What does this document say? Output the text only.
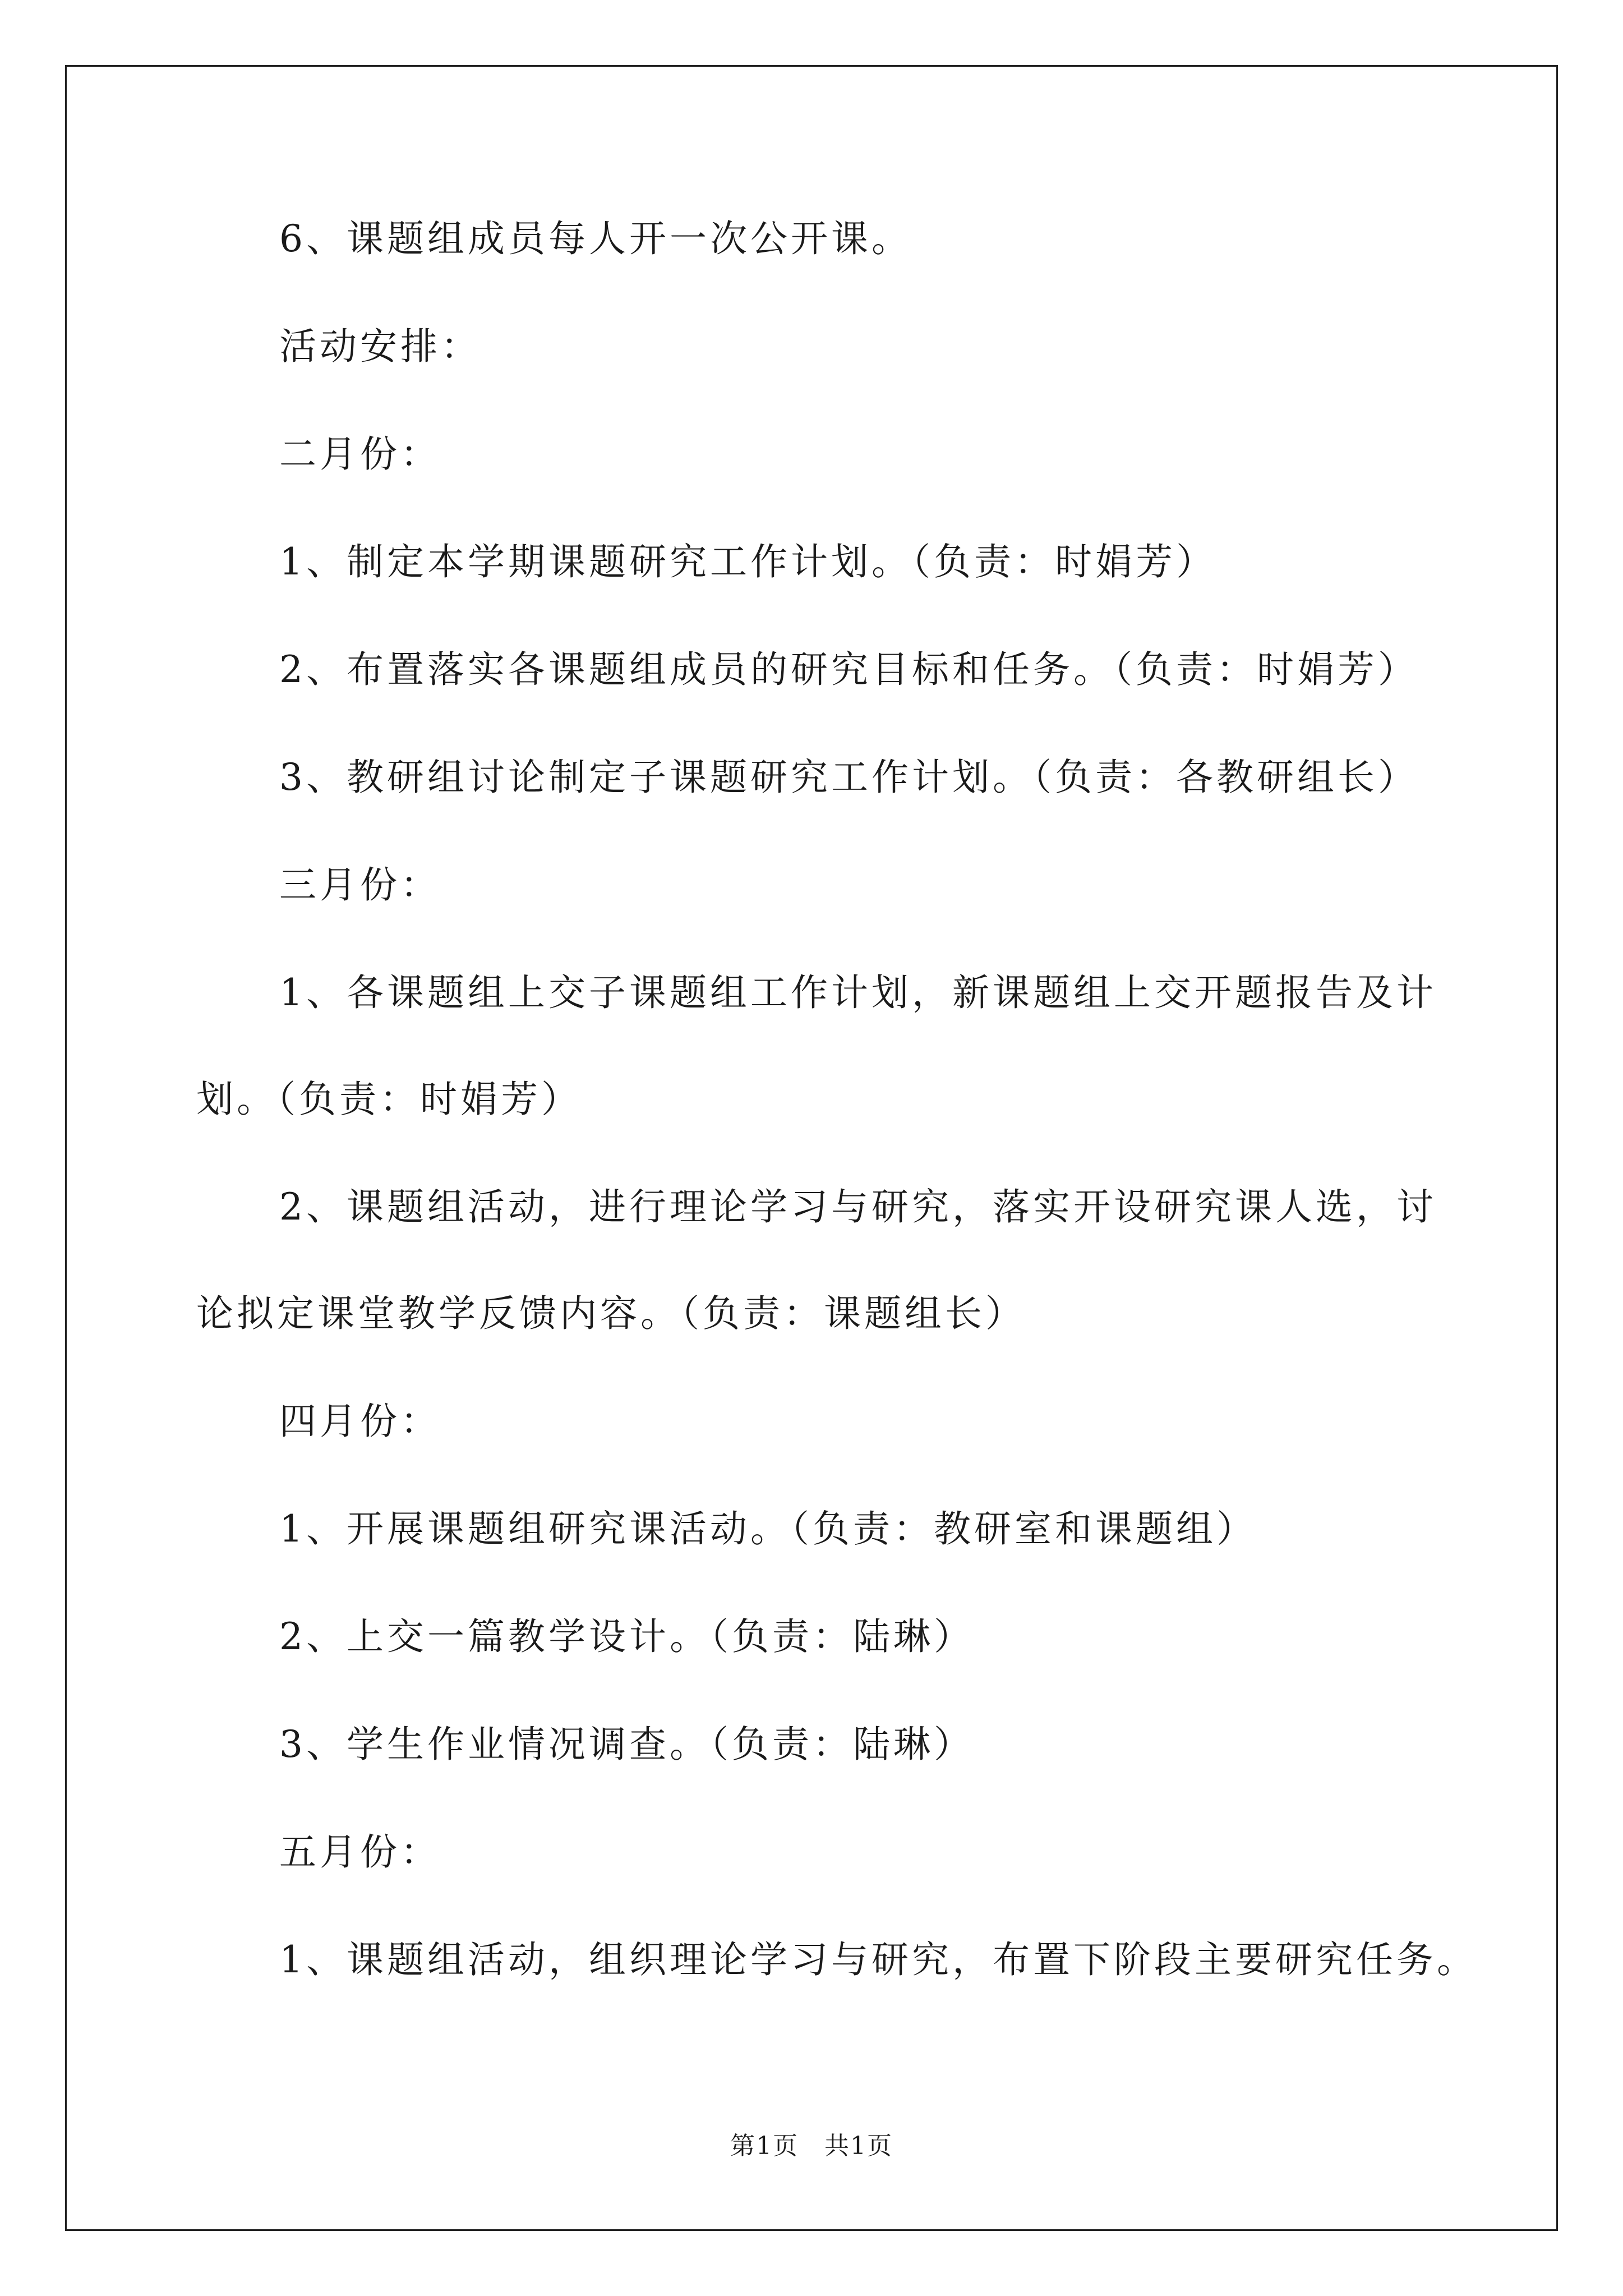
6、课题组成员每人开一次公开课。
活动安排：
二月份：
1、制定本学期课题研究工作计划。（负责：时娟芳）
2、布置落实各课题组成员的研究目标和任务。（负责：时娟芳）
3、教研组讨论制定子课题研究工作计划。（负责：各教研组长）
三月份：
1、各课题组上交子课题组工作计划，新课题组上交开题报告及计
划。（负责：时娟芳）
2、课题组活动，进行理论学习与研究，落实开设研究课人选，讨
论拟定课堂教学反馈内容。（负责：课题组长）
四月份：
1、开展课题组研究课活动。（负责：教研室和课题组）
2、上交一篇教学设计。（负责：陆琳）
3、学生作业情况调查。（负责：陆琳）
五月份：
1、课题组活动，组织理论学习与研究，布置下阶段主要研究任务。
第1页　共1页
